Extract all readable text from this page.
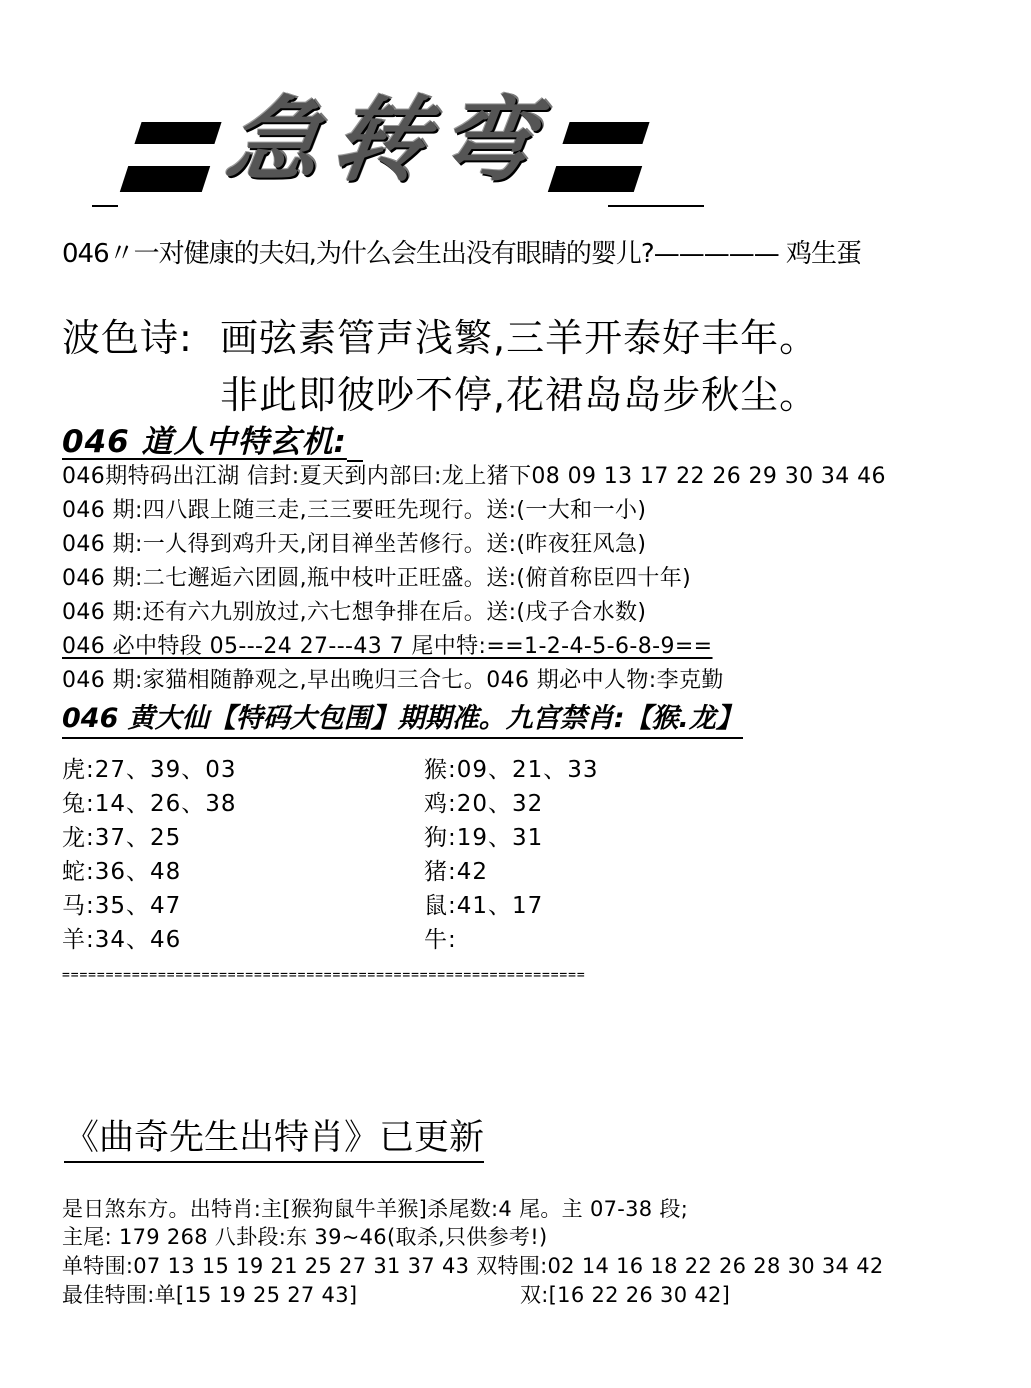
急转弯
046〃一对健康的夫妇,为什么会生出没有眼睛的婴儿?————— 鸡生蛋
波色诗: 画弦素管声浅繁,三羊开泰好丰年。
非此即彼吵不停,花裙岛岛步秋尘。
046 道人中特玄机:
046期特码出江湖 信封:夏天到内部曰:龙上猪下08 09 13 17 22 26 29 30 34 46
046 期:四八跟上随三走,三三要旺先现行。送:(一大和一小)
046 期:一人得到鸡升天,闭目禅坐苦修行。送:(昨夜狂风急)
046 期:二七邂逅六团圆,瓶中枝叶正旺盛。送:(俯首称臣四十年)
046 期:还有六九别放过,六七想争排在后。送:(戌子合水数)
046 必中特段 05---24 27---43 7 尾中特:==1-2-4-5-6-8-9==
046 期:家猫相随静观之,早出晚归三合七。046 期必中人物:李克勤
046 黄大仙【特码大包围】期期准。九宫禁肖:【猴.龙】
虎:27、39、03
兔:14、26、38
龙:37、25
蛇:36、48
马:35、47
羊:34、46
猴:09、21、33
鸡:20、32
狗:19、31
猪:42
鼠:41、17
牛:
============================================================
《曲奇先生出特肖》已更新
是日煞东方。出特肖:主[猴狗鼠牛羊猴]杀尾数:4 尾。主 07-38 段;
主尾: 179 268 八卦段:东 39~46(取杀,只供参考!)
单特围:07 13 15 19 21 25 27 31 37 43 双特围:02 14 16 18 22 26 28 30 34 42
最佳特围:单[15 19 25 27 43]	双:[16 22 26 30 42]
